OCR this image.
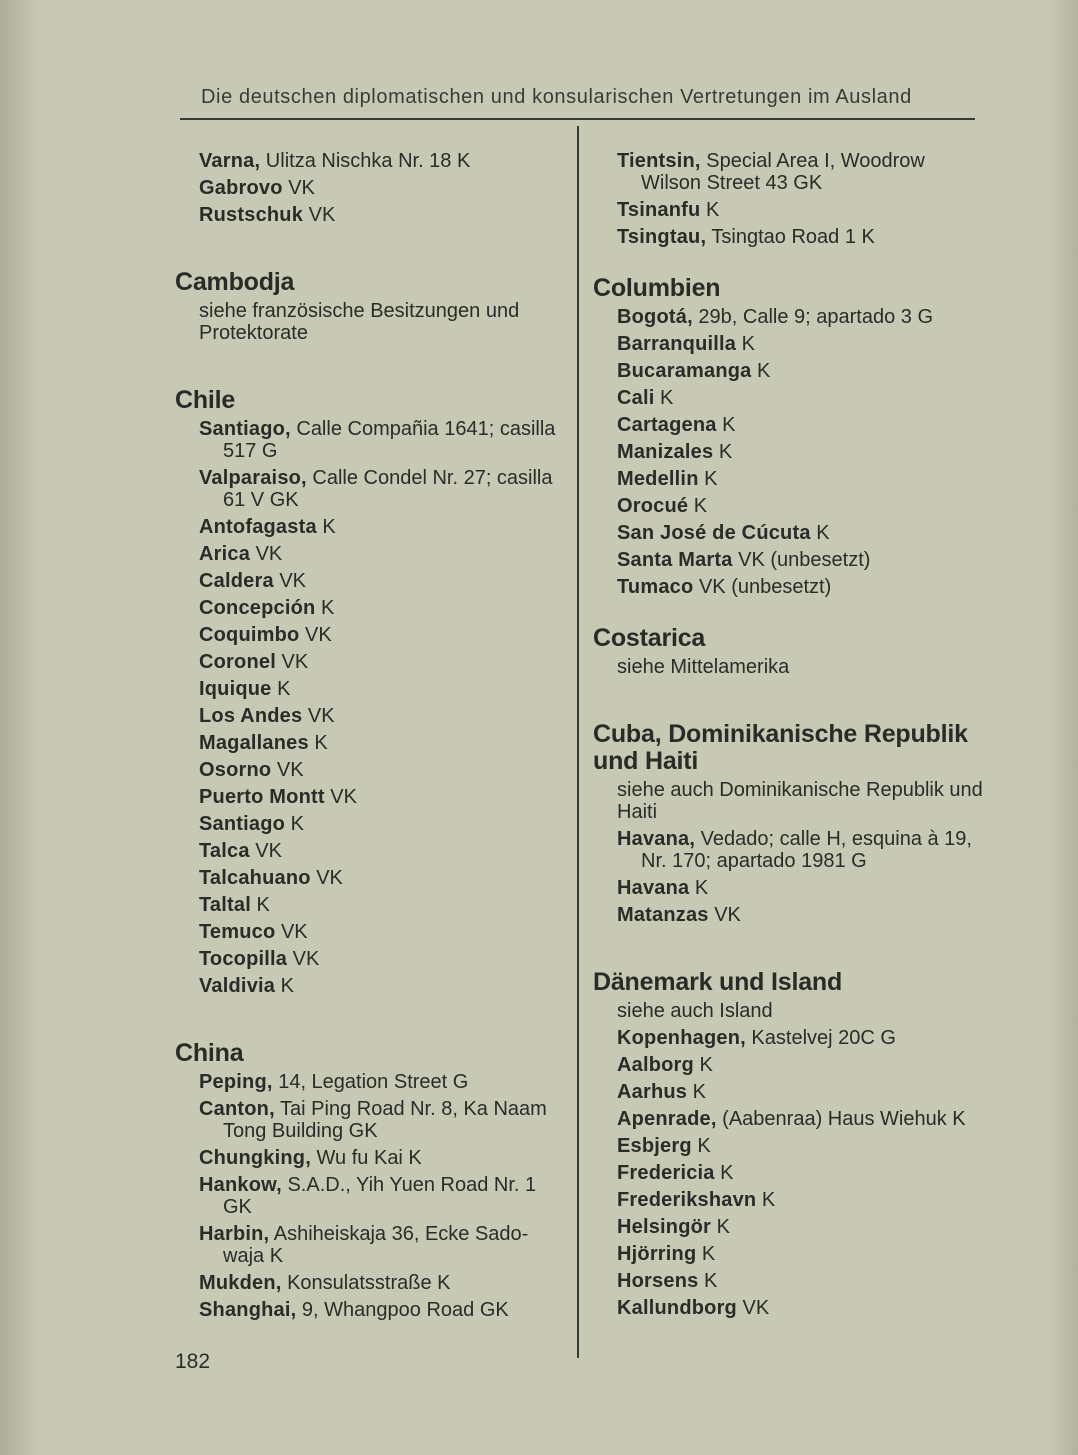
Die deutschen diplomatischen und konsularischen Vertretungen im Ausland
Varna, Ulitza Nischka Nr. 18 K
Gabrovo VK
Rustschuk VK
Cambodja
siehe französische Besitzungen und Protektorate
Chile
Santiago, Calle Compañia 1641; casilla 517 G
Valparaiso, Calle Condel Nr. 27; casilla 61 V GK
Antofagasta K
Arica VK
Caldera VK
Concepción K
Coquimbo VK
Coronel VK
Iquique K
Los Andes VK
Magallanes K
Osorno VK
Puerto Montt VK
Santiago K
Talca VK
Talcahuano VK
Taltal K
Temuco VK
Tocopilla VK
Valdivia K
China
Peping, 14, Legation Street G
Canton, Tai Ping Road Nr. 8, Ka Naam Tong Building GK
Chungking, Wu fu Kai K
Hankow, S.A.D., Yih Yuen Road Nr. 1 GK
Harbin, Ashiheiskaja 36, Ecke Sado-waja K
Mukden, Konsulatsstraße K
Shanghai, 9, Whangpoo Road GK
Tientsin, Special Area I, Woodrow Wilson Street 43 GK
Tsinanfu K
Tsingtau, Tsingtao Road 1 K
Columbien
Bogotá, 29b, Calle 9; apartado 3 G
Barranquilla K
Bucaramanga K
Cali K
Cartagena K
Manizales K
Medellin K
Orocué K
San José de Cúcuta K
Santa Marta VK (unbesetzt)
Tumaco VK (unbesetzt)
Costarica
siehe Mittelamerika
Cuba, Dominikanische Republik und Haiti
siehe auch Dominikanische Republik und Haiti
Havana, Vedado; calle H, esquina à 19, Nr. 170; apartado 1981 G
Havana K
Matanzas VK
Dänemark und Island
siehe auch Island
Kopenhagen, Kastelvej 20C G
Aalborg K
Aarhus K
Apenrade, (Aabenraa) Haus Wiehuk K
Esbjerg K
Fredericia K
Frederikshavn K
Helsingör K
Hjörring K
Horsens K
Kallundborg VK
182
